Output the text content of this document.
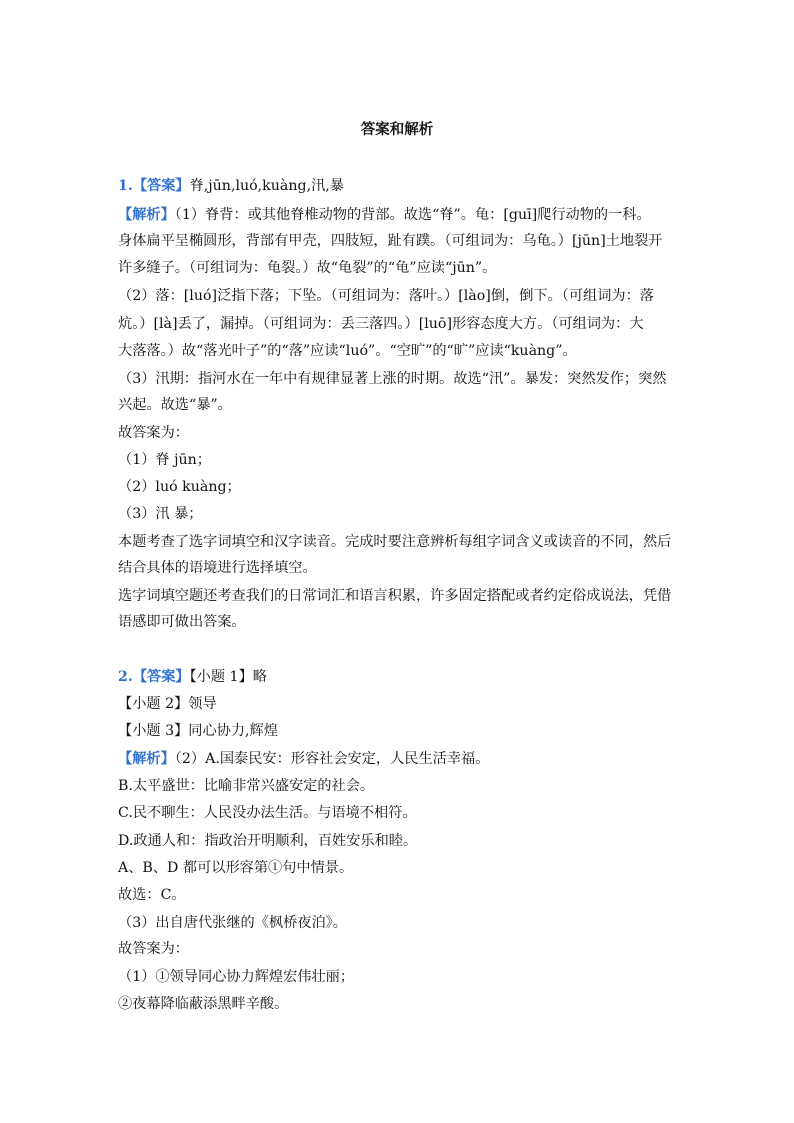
答案和解析
1.【答案】脊,jūn,luó,kuàng,汛,暴
【解析】（1）脊背：或其他脊椎动物的背部。故选“脊”。龟：[guī]爬行动物的一科。
身体扁平呈椭圆形，背部有甲壳，四肢短，趾有蹼。（可组词为：乌龟。）[jūn]土地裂开
许多缝子。（可组词为：龟裂。）故“龟裂”的“龟”应读“jūn”。
（2）落：[luó]泛指下落；下坠。（可组词为：落叶。）[lào]倒，倒下。（可组词为：落
炕。）[là]丢了，漏掉。（可组词为：丢三落四。）[luō]形容态度大方。（可组词为：大
大落落。）故“落光叶子”的“落”应读“luó”。“空旷”的“旷”应读“kuàng”。
（3）汛期：指河水在一年中有规律显著上涨的时期。故选“汛”。暴发：突然发作；突然
兴起。故选“暴”。
故答案为：
（1）脊 jūn；
（2）luó kuàng；
（3）汛 暴；
本题考查了选字词填空和汉字读音。完成时要注意辨析每组字词含义或读音的不同，然后
结合具体的语境进行选择填空。
选字词填空题还考查我们的日常词汇和语言积累，许多固定搭配或者约定俗成说法，凭借
语感即可做出答案。
2.【答案】【小题 1】略
【小题 2】领导
【小题 3】同心协力,辉煌
【解析】（2）A.国泰民安：形容社会安定，人民生活幸福。
B.太平盛世：比喻非常兴盛安定的社会。
C.民不聊生：人民没办法生活。与语境不相符。
D.政通人和：指政治开明顺利，百姓安乐和睦。
A、B、D 都可以形容第①句中情景。
故选：C。
（3）出自唐代张继的《枫桥夜泊》。
故答案为：
（1）①领导同心协力辉煌宏伟壮丽；
②夜幕降临蔽添黑畔辛酸。
